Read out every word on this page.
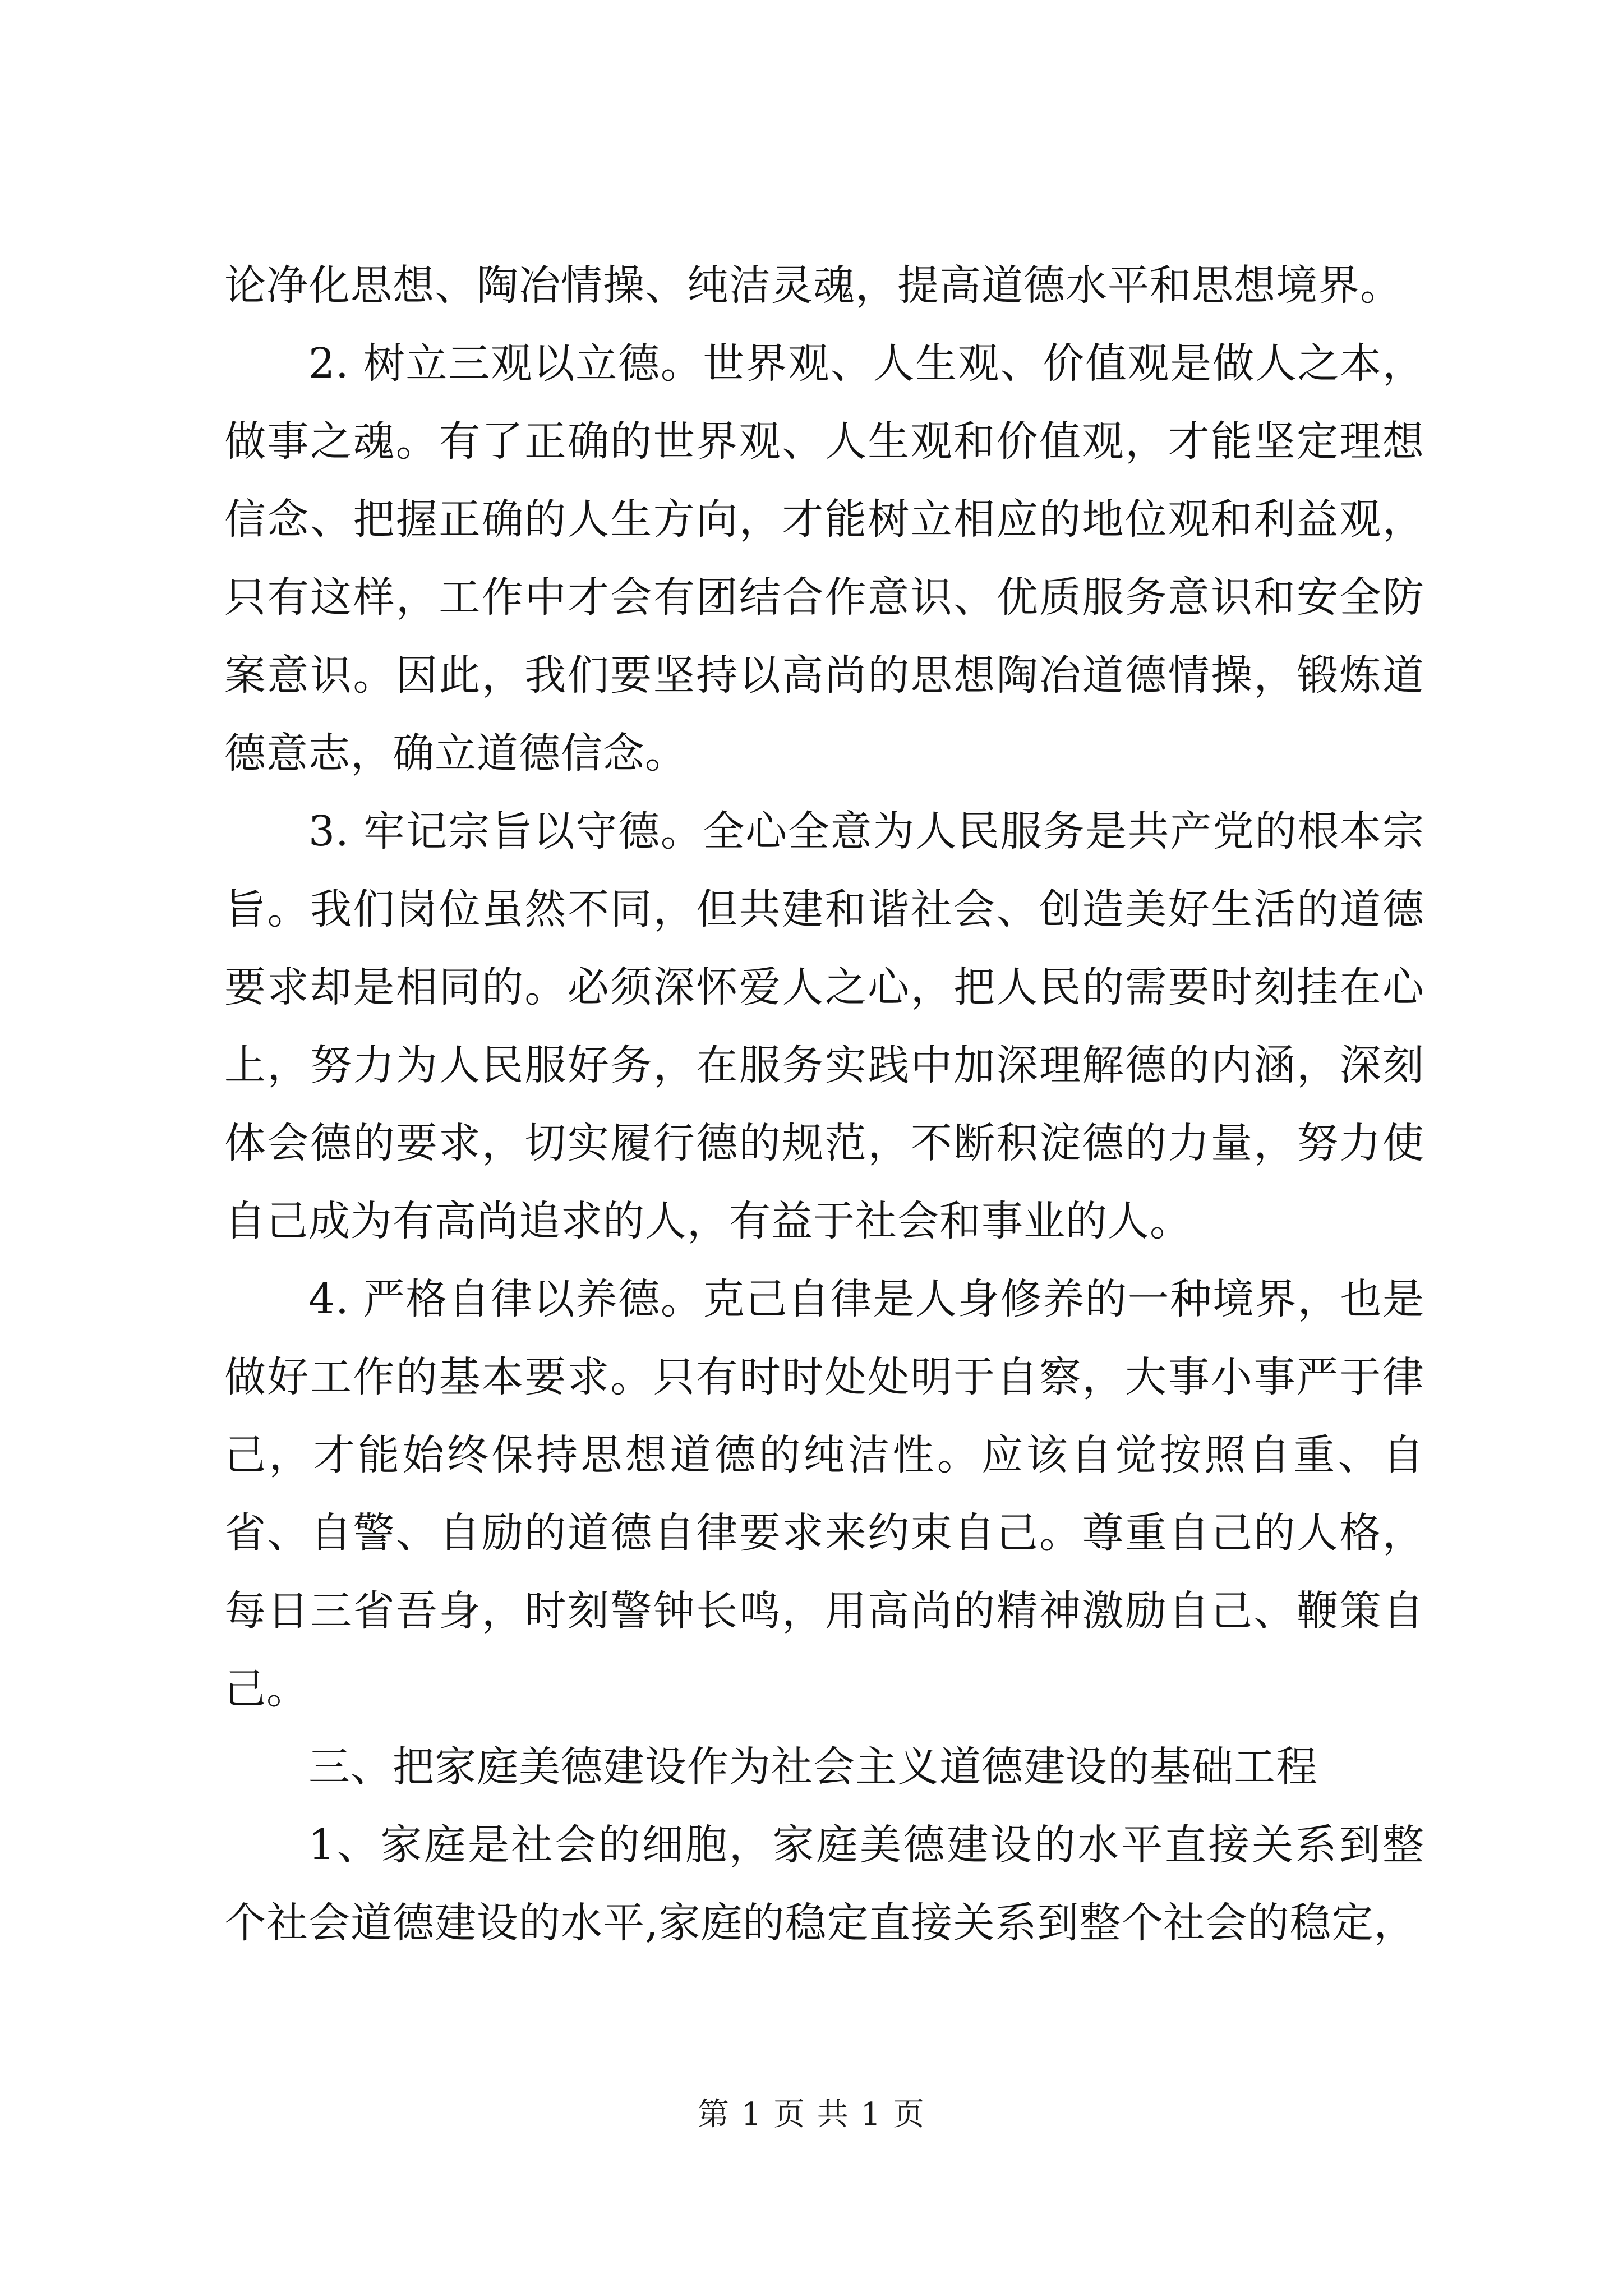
论净化思想、陶冶情操、纯洁灵魂，提高道德水平和思想境界。

2. 树立三观以立德。世界观、人生观、价值观是做人之本，做事之魂。有了正确的世界观、人生观和价值观，才能坚定理想信念、把握正确的人生方向，才能树立相应的地位观和利益观，只有这样，工作中才会有团结合作意识、优质服务意识和安全防案意识。因此，我们要坚持以高尚的思想陶冶道德情操，锻炼道德意志，确立道德信念。

3. 牢记宗旨以守德。全心全意为人民服务是共产党的根本宗旨。我们岗位虽然不同，但共建和谐社会、创造美好生活的道德要求却是相同的。必须深怀爱人之心，把人民的需要时刻挂在心上，努力为人民服好务，在服务实践中加深理解德的内涵，深刻体会德的要求，切实履行德的规范，不断积淀德的力量，努力使自己成为有高尚追求的人，有益于社会和事业的人。

4. 严格自律以养德。克己自律是人身修养的一种境界，也是做好工作的基本要求。只有时时处处明于自察，大事小事严于律己，才能始终保持思想道德的纯洁性。应该自觉按照自重、自省、自警、自励的道德自律要求来约束自己。尊重自己的人格，每日三省吾身，时刻警钟长鸣，用高尚的精神激励自己、鞭策自己。

三、把家庭美德建设作为社会主义道德建设的基础工程

1、家庭是社会的细胞，家庭美德建设的水平直接关系到整个社会道德建设的水平,家庭的稳定直接关系到整个社会的稳定，

第 1 页 共 1 页
